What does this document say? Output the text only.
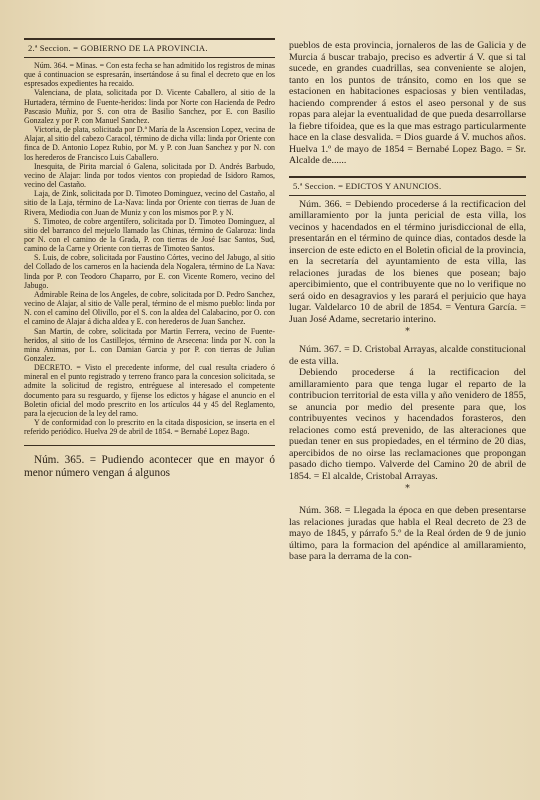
2.ª Seccion. = GOBIERNO DE LA PROVINCIA.

Núm. 364. = Minas. = Con esta fecha se han admitido los registros de minas que á continuacion se espresarán, insertándose á su final el decreto que en los espresados expedientes ha recaido.

Valenciana, de plata, solicitada por D. Vicente Caballero, al sitio de la Hurtadera, término de Fuente-heridos: linda por Norte con Hacienda de Pedro Pascasio Muñiz, por S. con otra de Basilio Sanchez, por E. con Basilio Gonzalez y por P. con Manuel Sanchez.

Victoria, de plata, solicitada por D.ª María de la Ascension Lopez, vecina de Alajar, al sitio del cabezo Caracol, término de dicha villa: linda por Oriente con finca de D. Antonio Lopez Rubio, por M. y P. con Juan Sanchez y por N. con los herederos de Francisco Luis Caballero.

Inesquita, de Pirita marcial ó Galena, solicitada por D. Andrés Barbudo, vecino de Alajar: linda por todos vientos con propiedad de Isidoro Ramos, vecino del Castaño.

Laja, de Zink, solicitada por D. Timoteo Dominguez, vecino del Castaño, al sitio de la Laja, término de La-Nava: linda por Oriente con tierras de Juan de Rivera, Mediodia con Juan de Muniz y con los mismos por P. y N.

S. Timoteo, de cobre argentífero, solicitada por D. Timoteo Dominguez, al sitio del barranco del mejuelo llamado las Chinas, término de Galaroza: linda por N. con el camino de la Grada, P. con tierras de José Isac Santos, Sud, camino de la Carne y Oriente con tierras de Timoteo Santos.

S. Luis, de cobre, solicitada por Faustino Córtes, vecino del Jabugo, al sitio del Collado de los carneros en la hacienda dela Nogalera, término de La Nava: linda por P. con Teodoro Chaparro, por E. con Vicente Romero, vecino del Jabugo.

Admirable Reina de los Angeles, de cobre, solicitada por D. Pedro Sanchez, vecino de Alajar, al sitio de Valle peral, término de el mismo pueblo: linda por N. con el camino del Olivillo, por el S. con la aldea del Calabacino, por O. con el camino de Alajar á dicha aldea y E. con herederos de Juan Sanchez.

San Martin, de cobre, solicitada por Martin Ferrera, vecino de Fuente-heridos, al sitio de los Castillejos, término de Arsecena: linda por N. con la mina Animas, por L. con Damian Garcia y por P. con tierras de Julian Gonzalez.

DECRETO. = Visto el precedente informe, del cual resulta criadero ó mineral en el punto registrado y terreno franco para la concesion solicitada, se admite la solicitud de registro, entréguese al interesado el competente documento para su resguardo, y fíjense los edictos y hágase el anuncio en el Boletin oficial del modo prescrito en los artículos 44 y 45 del Reglamento, para la ejecucion de la ley del ramo.

Y de conformidad con lo prescrito en la citada disposicion, se inserta en el referido periódico. Huelva 29 de abril de 1854. = Bernabé Lopez Bago.

Núm. 365. = Pudiendo acontecer que en mayor ó menor número vengan á algunos

pueblos de esta provincia, jornaleros de las de Galicia y de Murcia á buscar trabajo, preciso es advertir á V. que si tal sucede, en grandes cuadrillas, sea conveniente se alojen, tanto en los puntos de tránsito, como en los que se estacionen en habitaciones espaciosas y bien ventiladas, haciendo comprender á estos el aseo personal y de sus ropas para alejar la eventualidad de que pueda desarrollarse la fiebre tifoidea, que es la que mas estrago particularmente hace en la clase desvalida. = Dios guarde á V. muchos años. Huelva 1.º de mayo de 1854 = Bernabé Lopez Bago. = Sr. Alcalde de......

5.ª Seccion. = EDICTOS Y ANUNCIOS.

Núm. 366. = Debiendo procederse á la rectificacion del amillaramiento por la junta pericial de esta villa, los vecinos y hacendados en el término jurisdiccional de ella, presentarán en el término de quince dias, contados desde la insercion de este edicto en el Boletin oficial de la provincia, en la secretaría del ayuntamiento de esta villa, las relaciones juradas de los bienes que posean; bajo apercibimiento, que el contribuyente que no lo verifique no será oido en desagravios y les parará el perjuicio que haya lugar. Valdelarco 10 de abril de 1854. = Ventura García. = Juan José Adame, secretario interino.

*

Núm. 367. = D. Cristobal Arrayas, alcalde constitucional de esta villa.

Debiendo procederse á la rectificacion del amillaramiento para que tenga lugar el reparto de la contribucion territorial de esta villa y año venidero de 1855, se anuncia por medio del presente para que, los contribuyentes vecinos y hacendados forasteros, den relaciones como está prevenido, de las alteraciones que puedan tener en sus propiedades, en el término de 20 dias, apercibidos de no oirse las reclamaciones que propongan pasado dicho tiempo. Valverde del Camino 20 de abril de 1854. = El alcalde, Cristobal Arrayas.

*

Núm. 368. = Llegada la época en que deben presentarse las relaciones juradas que habla el Real decreto de 23 de mayo de 1845, y párrafo 5.º de la Real órden de 9 de junio último, para la formacion del apéndice al amillaramiento, base para la derrama de la con-
